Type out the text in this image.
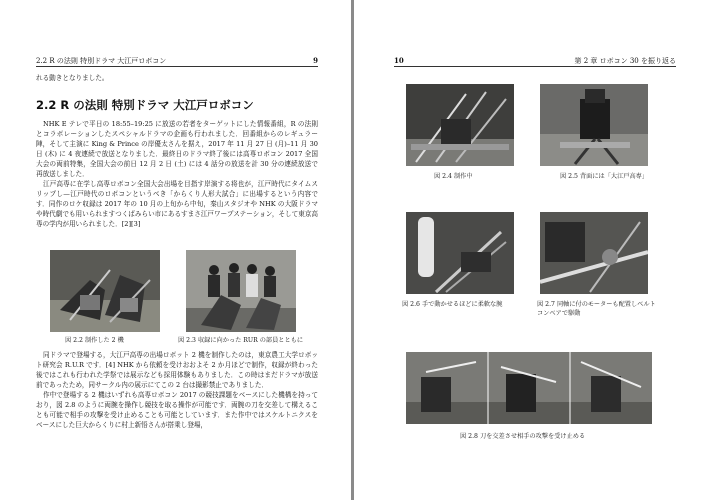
2.2 R の法則 特別ドラマ 大江戸ロボコン	9
れる動きとなりました。
2.2 R の法則 特別ドラマ 大江戸ロボコン

NHK E テレで平日の 18:55–19:25 に放送の若者をターゲットにした情報番組，R の法則とコラボレーションしたスペシャルドラマの企画も行われました．回番組からのレギュラー陣，そして主演に King & Prince の岸優太さんを据え，2017 年 11 月 27 日 (月)–11 月 30 日 (木) に 4 夜連続で放送となりました．最終日のドラマ終了後には高専ロボコン 2017 全国大会の両前特集，全国大会の前日 12 月 2 日 (土) には 4 話分の放送を計 30 分の連続放送で再放送しました．

江戸高専に在学し高専ロボコン全国大会出場を目指す岸演する将也が，江戸時代にタイムスリップし—江戸時代のロボコンというべき「からくり人形大試合」に出場するという内容です．同作のロケ収録は 2017 年の 10 月の上旬から中旬，秦山スタジオや NHK の大阪ドラマや時代劇でも用いられますつくばみらい市にあるすまさ江戸ワープステーション，そして東京高専の学内が用いられました．[2][3]

図 2.2 制作した 2 機	図 2.3 収録に向かった RUR の部員とともに

同ドラマで登場する，大江戸高専の出場ロボット 2 機を制作したのは，東京農工大学ロボット研究会 R.U.R です．[4] NHK から依頼を受けおおよそ 2 か月ほどで制作，収録が終わった後ではこれも行われた学祭では展示なども採用体験もありました．この時はまだドラマが放送前であったため，同サークル内の展示にてこの 2 台は撮影禁止でありました．

作中で登場する 2 機はいずれも高専ロボコン 2017 の競技課題をベースにした機構を持っており，図 2.8 のように両腕を操作し競技を取る操作が可能です．両腕の刀を交差して構えることも可能で相手の攻撃を受け止めることも可能としています．また作中ではスケルトニクスをベースにした巨大からくりに村上新悟さんが搭乗し登場，

10	第 2 章 ロボコン 30 を振り返る
図 2.4 制作中	図 2.5 背面には「大江戸高専」
図 2.6 手で動かせるほどに柔軟な腕	図 2.7 同軸に付のモーターも配置しベルトコンベアで駆動
図 2.8 刀を交差させ相手の攻撃を受け止める
